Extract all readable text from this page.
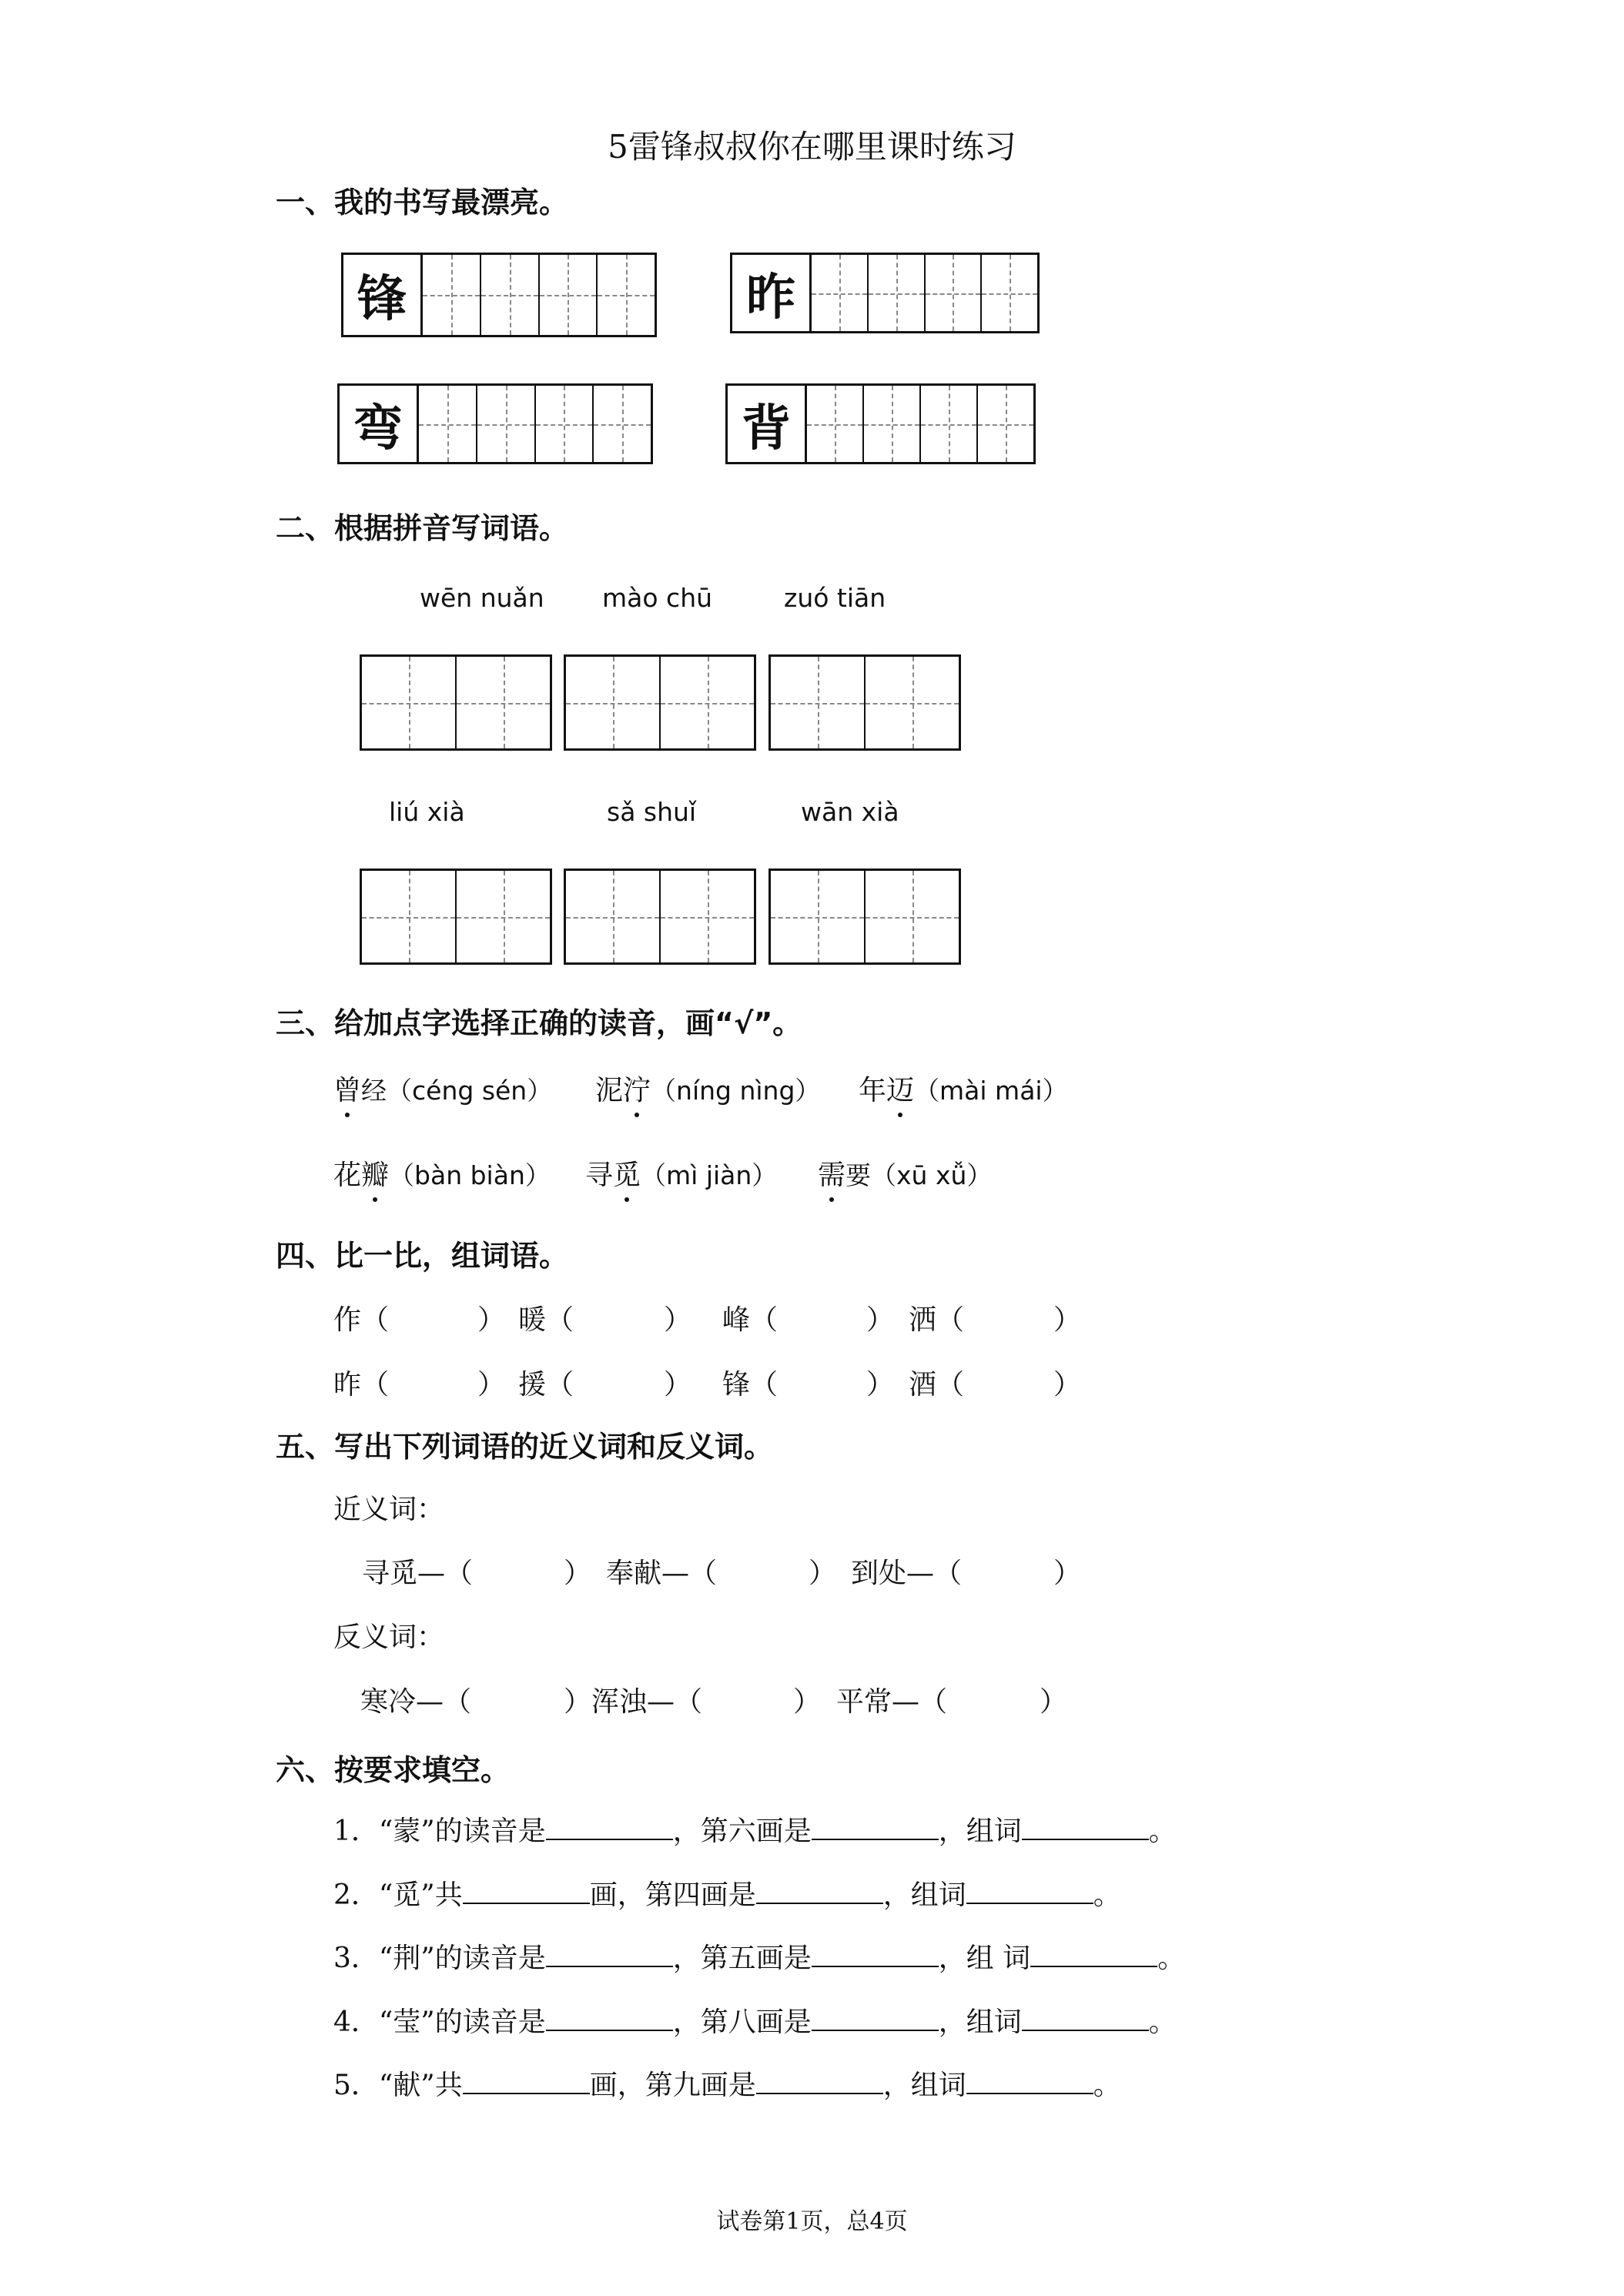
5雷锋叔叔你在哪里课时练习
一、我的书写最漂亮。
锋	昨
弯	背
二、根据拼音写词语。
wēn nuǎn mào chū	zuó tiān
liú xià	sǎ shuǐ	wān xià
三、给加点字选择正确的读音，画“√”。
曾经（céng sén） 泥泞（níng nìng） 年迈（mài mái）
花瓣（bàn biàn） 寻觅（mì jiàn） 需要（xū xǚ）
四、比一比，组词语。
作（	） 暖（	） 峰（	） 洒（	）
昨（	） 援（	） 锋（	） 酒（	）
五、写出下列词语的近义词和反义词。
近义词：
寻觅—（	） 奉献—（	） 到处—（	）
反义词：
寒冷—（	）浑浊—（	） 平常—（	）
六、按要求填空。
1．“蒙”的读音是	，第六画是	，组词	。
2．“觅”共	画，第四画是	，组词	。
3．“荆”的读音是	，第五画是	，组 词	。
4．“莹”的读音是	，第八画是	，组词	。
5．“献”共	画，第九画是	，组词	。
试卷第1页，总4页
